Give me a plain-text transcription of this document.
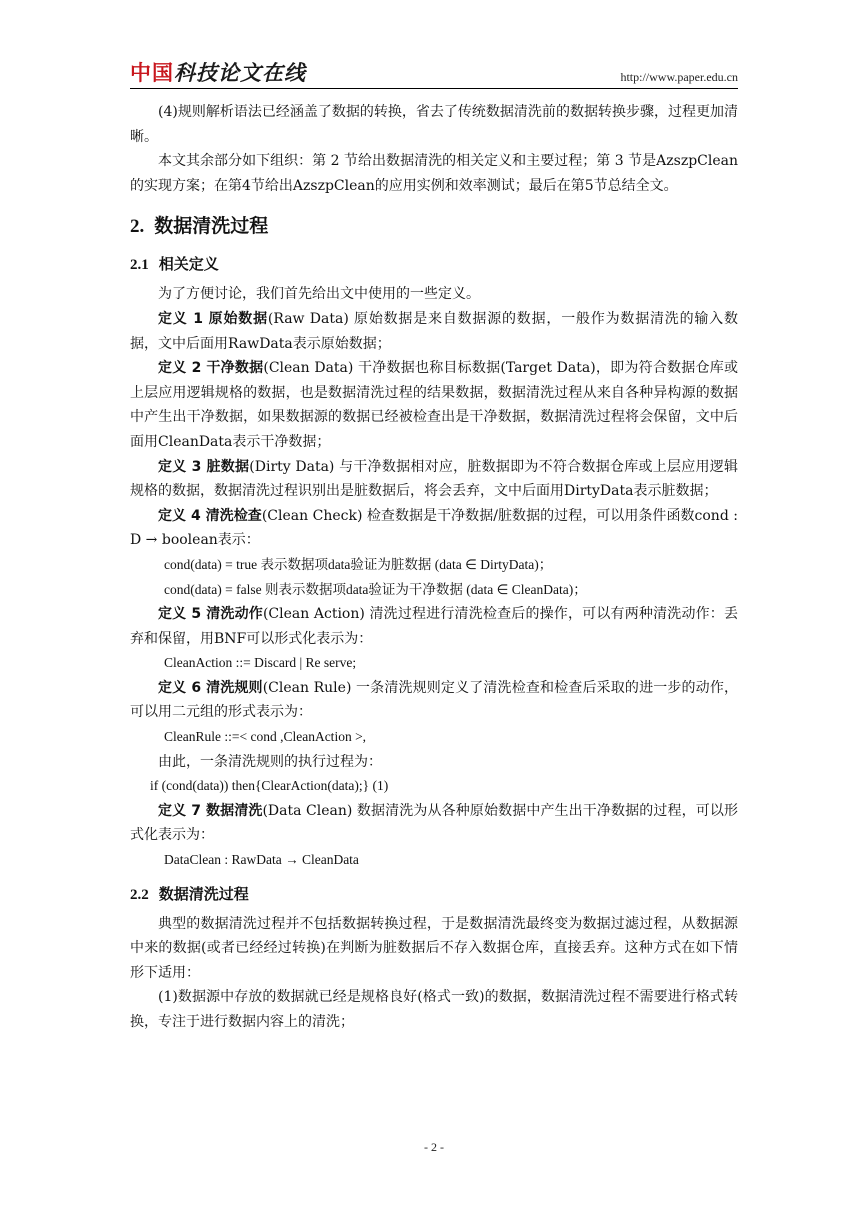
中国 科技论文在线	http://www.paper.edu.cn

(4)规则解析语法已经涵盖了数据的转换，省去了传统数据清洗前的数据转换步骤，过程更加清晰。

本文其余部分如下组织：第 2 节给出数据清洗的相关定义和主要过程；第 3 节是AzszpClean的实现方案；在第4节给出AzszpClean的应用实例和效率测试；最后在第5节总结全文。

2. 数据清洗过程
2.1 相关定义

为了方便讨论，我们首先给出文中使用的一些定义。

定义 1 原始数据(Raw Data) 原始数据是来自数据源的数据，一般作为数据清洗的输入数据，文中后面用RawData表示原始数据；

定义 2 干净数据(Clean Data) 干净数据也称目标数据(Target Data)，即为符合数据仓库或上层应用逻辑规格的数据，也是数据清洗过程的结果数据，数据清洗过程从来自各种异构源的数据中产生出干净数据，如果数据源的数据已经被检查出是干净数据，数据清洗过程将会保留，文中后面用CleanData表示干净数据；

定义 3 脏数据(Dirty Data) 与干净数据相对应，脏数据即为不符合数据仓库或上层应用逻辑规格的数据，数据清洗过程识别出是脏数据后，将会丢弃，文中后面用DirtyData表示脏数据；

定义 4 清洗检查(Clean Check) 检查数据是干净数据/脏数据的过程，可以用条件函数cond : D → boolean表示：

cond(data) = true 表示数据项data验证为脏数据 (data ∈ DirtyData)；

cond(data) = false 则表示数据项data验证为干净数据 (data ∈ CleanData)；

定义 5 清洗动作(Clean Action) 清洗过程进行清洗检查后的操作，可以有两种清洗动作：丢弃和保留，用BNF可以形式化表示为：

CleanAction ::= Discard | Re serve;

定义 6 清洗规则(Clean Rule) 一条清洗规则定义了清洗检查和检查后采取的进一步的动作，可以用二元组的形式表示为：

CleanRule ::=< cond ,CleanAction >,

由此，一条清洗规则的执行过程为：

if (cond(data)) then{ClearAction(data);} (1)

定义 7 数据清洗(Data Clean) 数据清洗为从各种原始数据中产生出干净数据的过程，可以形式化表示为：

DataClean : RawData → CleanData

2.2 数据清洗过程

典型的数据清洗过程并不包括数据转换过程，于是数据清洗最终变为数据过滤过程，从数据源中来的数据(或者已经经过转换)在判断为脏数据后不存入数据仓库，直接丢弃。这种方式在如下情形下适用：

(1)数据源中存放的数据就已经是规格良好(格式一致)的数据，数据清洗过程不需要进行格式转换，专注于进行数据内容上的清洗；

- 2 -
